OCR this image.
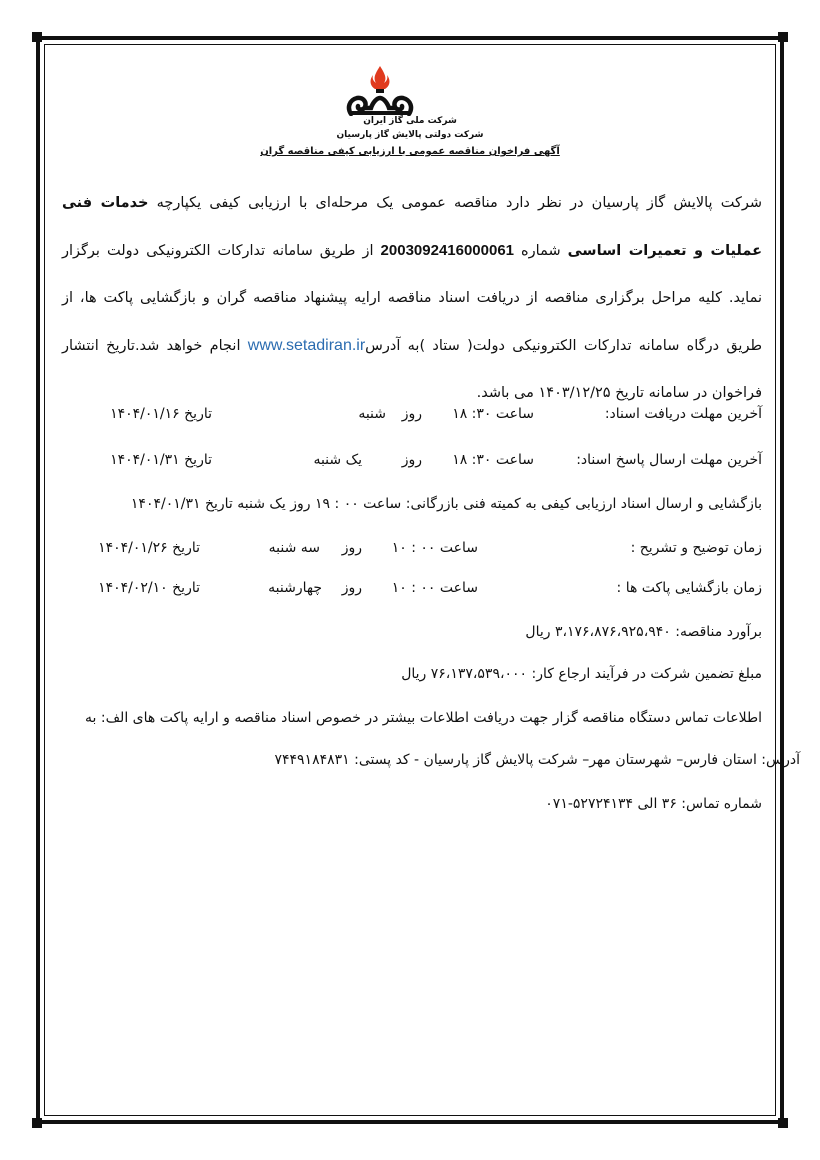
شرکت ملی گاز ایران
شرکت دولتی پالایش گاز پارسیان
آگهی فراخوان مناقصه عمومی با ارزیابی کیفی مناقصه گران
شرکت پالایش گاز پارسیان در نظر دارد مناقصه عمومی یک مرحله‌ای با ارزیابی کیفی یکپارچه خدمات فنی عملیات و تعمیرات اساسی شماره 2003092416000061 از طریق سامانه تدارکات الکترونیکی دولت برگزار نماید. کلیه مراحل برگزاری مناقصه از دریافت اسناد مناقصه ارایه پیشنهاد مناقصه گران و بازگشایی پاکت ها، از طریق درگاه سامانه تدارکات الکترونیکی دولت( ستاد )به آدرسwww.setadiran.ir انجام خواهد شد.تاریخ انتشار فراخوان در سامانه تاریخ ۱۴۰۳/۱۲/۲۵ می باشد.
آخرین مهلت دریافت اسناد:
ساعت ۳۰: ۱۸
روز
شنبه
تاریخ ۱۴۰۴/۰۱/۱۶
آخرین مهلت ارسال پاسخ اسناد:
ساعت ۳۰: ۱۸
روز
یک شنبه
تاریخ ۱۴۰۴/۰۱/۳۱
بازگشایی و ارسال اسناد ارزیابی کیفی به کمیته فنی بازرگانی: ساعت ۰۰ : ۱۹ روز یک شنبه تاریخ ۱۴۰۴/۰۱/۳۱
زمان توضیح و تشریح :
ساعت ۰۰ : ۱۰
روز
سه شنبه
تاریخ ۱۴۰۴/۰۱/۲۶
زمان بازگشایی پاکت ها :
ساعت ۰۰ : ۱۰
روز
چهارشنبه
تاریخ ۱۴۰۴/۰۲/۱۰
برآورد مناقصه: ۳،۱۷۶،۸۷۶،۹۲۵،۹۴۰ ریال
مبلغ تضمین شرکت در فرآیند ارجاع کار: ۷۶،۱۳۷،۵۳۹،۰۰۰ ریال
اطلاعات تماس دستگاه مناقصه گزار جهت دریافت اطلاعات بیشتر در خصوص اسناد مناقصه و ارایه پاکت های الف: به
آدرس: استان فارس– شهرستان مهر– شرکت پالایش گاز پارسیان - کد پستی: ۷۴۴۹۱۸۴۸۳۱
شماره تماس: ۳۶ الی ۵۲۷۲۴۱۳۴-۰۷۱
